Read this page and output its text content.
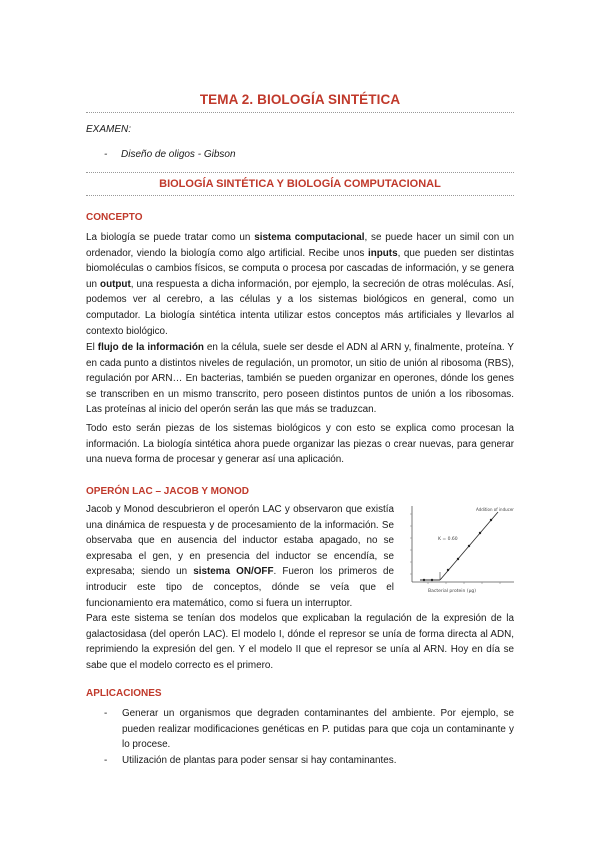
TEMA 2. BIOLOGÍA SINTÉTICA
EXAMEN:
- Diseño de oligos - Gibson
BIOLOGÍA SINTÉTICA Y BIOLOGÍA COMPUTACIONAL
CONCEPTO

La biología se puede tratar como un sistema computacional, se puede hacer un simil con un ordenador, viendo la biología como algo artificial. Recibe unos inputs, que pueden ser distintas biomoléculas o cambios físicos, se computa o procesa por cascadas de información, y se genera un output, una respuesta a dicha información, por ejemplo, la secreción de otras moléculas. Así, podemos ver al cerebro, a las células y a los sistemas biológicos en general, como un computador. La biología sintética intenta utilizar estos conceptos más artificiales y llevarlos al contexto biológico.

El flujo de la información en la célula, suele ser desde el ADN al ARN y, finalmente, proteína. Y en cada punto a distintos niveles de regulación, un promotor, un sitio de unión al ribosoma (RBS), regulación por ARN… En bacterias, también se pueden organizar en operones, dónde los genes se transcriben en un mismo transcrito, pero poseen distintos puntos de unión a los ribosomas. Las proteínas al inicio del operón serán las que más se traduzcan.

Todo esto serán piezas de los sistemas biológicos y con esto se explica como procesan la información. La biología sintética ahora puede organizar las piezas o crear nuevas, para generar una nueva forma de procesar y generar así una aplicación.

OPERÓN LAC – JACOB Y MONOD

Jacob y Monod descubrieron el operón LAC y observaron que existía una dinámica de respuesta y de procesamiento de la información. Se observaba que en ausencia del inductor estaba apagado, no se expresaba el gen, y en presencia del inductor se encendía, se expresaba; siendo un sistema ON/OFF. Fueron los primeros de introducir este tipo de conceptos, dónde se veía que el funcionamiento era matemático, como si fuera un interruptor.

Addition of inducer
K = 0.60
Bacterial protein (µg)

Para este sistema se tenían dos modelos que explicaban la regulación de la expresión de la galactosidasa (del operón LAC). El modelo I, dónde el represor se unía de forma directa al ADN, reprimiendo la expresión del gen. Y el modelo II que el represor se unía al ARN. Hoy en día se sabe que el modelo correcto es el primero.

APLICACIONES
- Generar un organismos que degraden contaminantes del ambiente. Por ejemplo, se pueden realizar modificaciones genéticas en P. putidas para que coja un contaminante y lo procese.
- Utilización de plantas para poder sensar si hay contaminantes.
